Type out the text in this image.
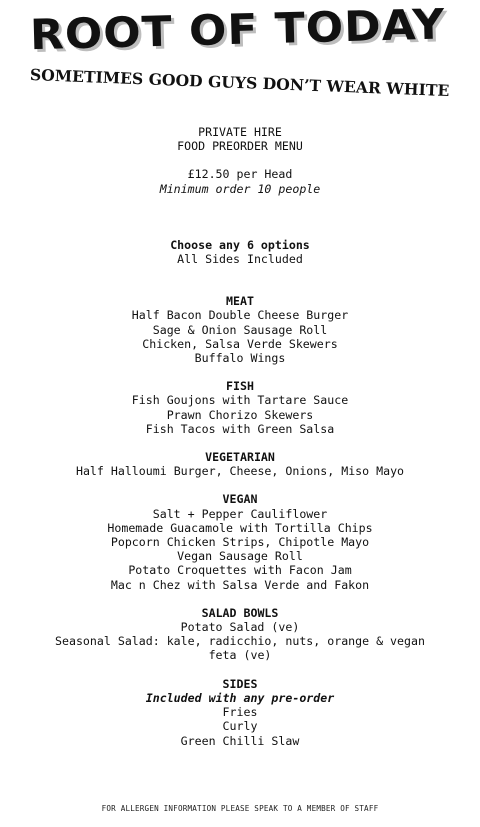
ROOT OF TODAY
SOMETIMES GOOD GUYS DON’T WEAR WHITE
PRIVATE HIRE
FOOD PREORDER MENU
£12.50 per Head
Minimum order 10 people
Choose any 6 options
All Sides Included
MEAT
Half Bacon Double Cheese Burger
Sage & Onion Sausage Roll
Chicken, Salsa Verde Skewers
Buffalo Wings
FISH
Fish Goujons with Tartare Sauce
Prawn Chorizo Skewers
Fish Tacos with Green Salsa
VEGETARIAN
Half Halloumi Burger, Cheese, Onions, Miso Mayo
VEGAN
Salt + Pepper Cauliflower
Homemade Guacamole with Tortilla Chips
Popcorn Chicken Strips, Chipotle Mayo
Vegan Sausage Roll
Potato Croquettes with Facon Jam
Mac n Chez with Salsa Verde and Fakon
SALAD BOWLS
Potato Salad (ve)
Seasonal Salad: kale, radicchio, nuts, orange & vegan
feta (ve)
SIDES
Included with any pre-order
Fries
Curly
Green Chilli Slaw
FOR ALLERGEN INFORMATION PLEASE SPEAK TO A MEMBER OF STAFF
